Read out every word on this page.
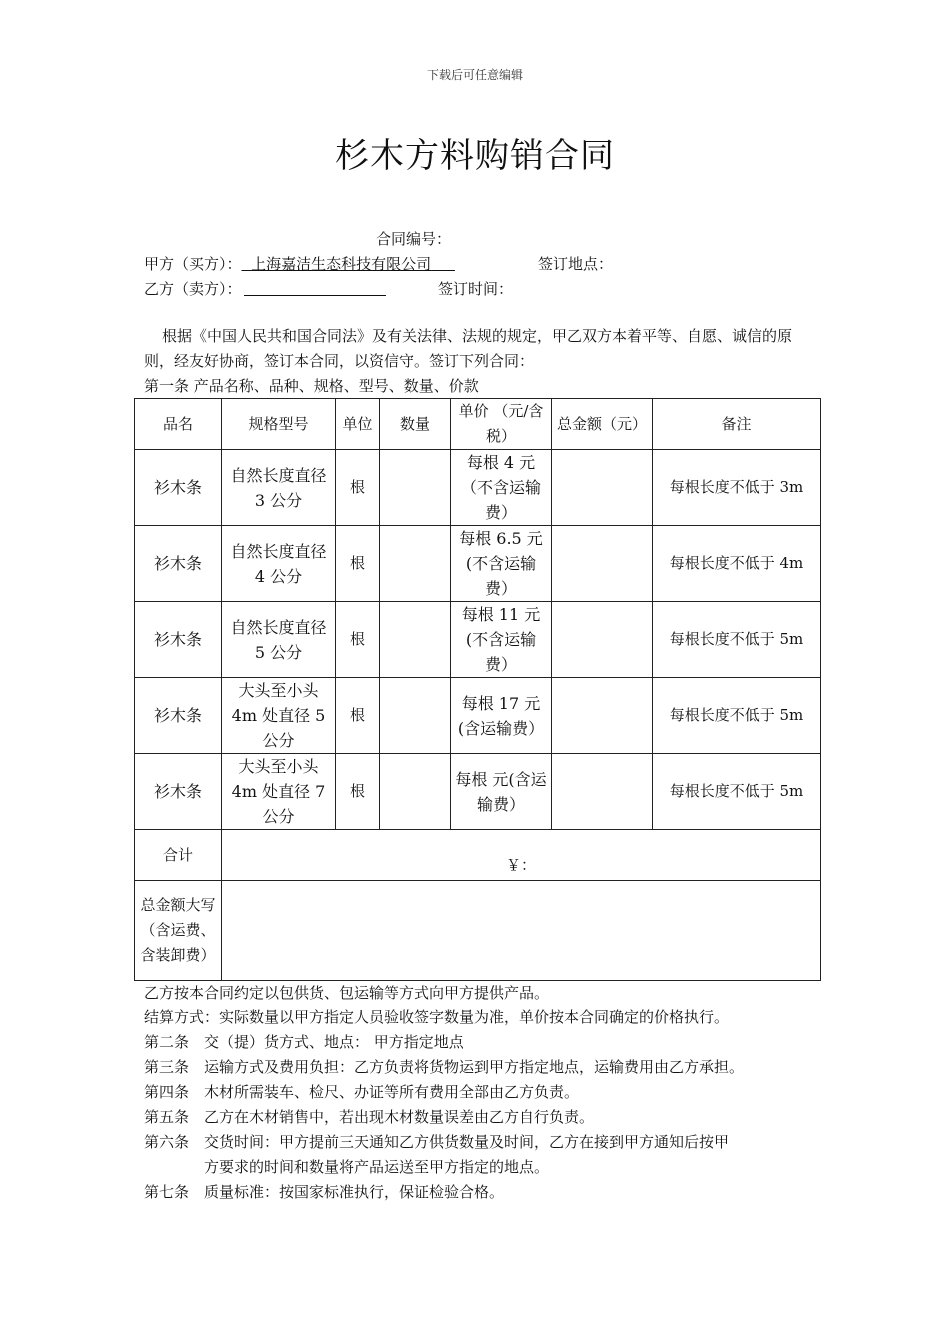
下载后可任意编辑
杉木方料购销合同
合同编号：
甲方（买方）： 上海嘉洁生态科技有限公司	签订地点：
乙方（卖方）：	签订时间：
根据《中国人民共和国合同法》及有关法律、法规的规定，甲乙双方本着平等、自愿、诚信的原则，经友好协商，签订本合同，以资信守。签订下列合同：
第一条 产品名称、品种、规格、型号、数量、价款
品名	规格型号	单位	数量	单价 （元/含税）	总金额（元）	备注
衫木条	自然长度直径 3 公分	根		每根 4 元（不含运输费）		每根长度不低于 3m
衫木条	自然长度直径 4 公分	根		每根 6.5 元(不含运输费）		每根长度不低于 4m
衫木条	自然长度直径 5 公分	根		每根 11 元(不含运输费）		每根长度不低于 5m
衫木条	大头至小头 4m 处直径 5 公分	根		每根 17 元(含运输费）		每根长度不低于 5m
衫木条	大头至小头 4m 处直径 7 公分	根		每根 元(含运输费）		每根长度不低于 5m
合计	￥：					
总金额大写（含运费、含装卸费）						
乙方按本合同约定以包供货、包运输等方式向甲方提供产品。
结算方式：实际数量以甲方指定人员验收签字数量为准，单价按本合同确定的价格执行。
第二条 交（提）货方式、地点： 甲方指定地点
第三条 运输方式及费用负担：乙方负责将货物运到甲方指定地点，运输费用由乙方承担。
第四条 木材所需装车、检尺、办证等所有费用全部由乙方负责。
第五条 乙方在木材销售中，若出现木材数量误差由乙方自行负责。
第六条 交货时间：甲方提前三天通知乙方供货数量及时间，乙方在接到甲方通知后按甲
方要求的时间和数量将产品运送至甲方指定的地点。
第七条 质量标准：按国家标准执行，保证检验合格。
